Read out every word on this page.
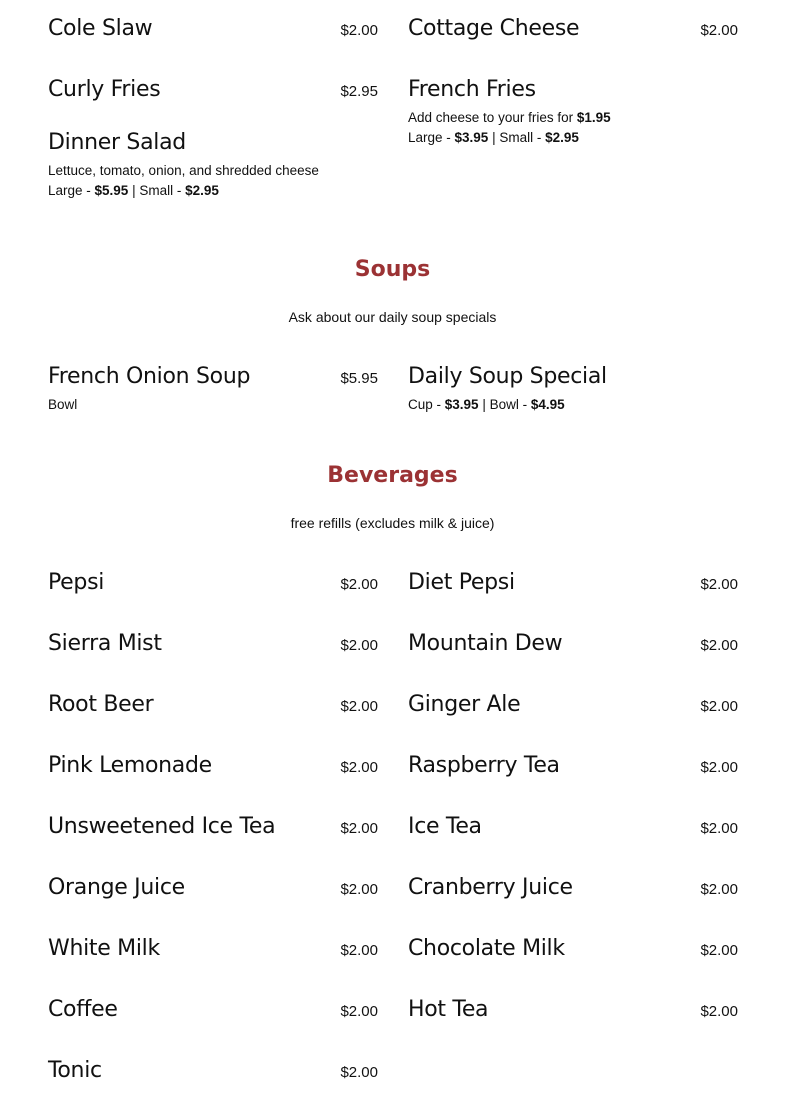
Cole Slaw	$2.00 Cottage Cheese	$2.00
Curly Fries	$2.95
Dinner Salad
Lettuce, tomato, onion, and shredded cheese
Large - $5.95 | Small - $2.95
French Fries
Add cheese to your fries for $1.95
Large - $3.95 | Small - $2.95
Soups
Ask about our daily soup specials
French Onion Soup	$5.95
Bowl
Daily Soup Special
Cup - $3.95 | Bowl - $4.95
Beverages
free refills (excludes milk & juice)
Pepsi	$2.00 Diet Pepsi	$2.00
Sierra Mist	$2.00 Mountain Dew	$2.00
Root Beer	$2.00 Ginger Ale	$2.00
Pink Lemonade	$2.00 Raspberry Tea	$2.00
Unsweetened Ice Tea	$2.00 Ice Tea	$2.00
Orange Juice	$2.00 Cranberry Juice	$2.00
White Milk	$2.00 Chocolate Milk	$2.00
Coffee	$2.00 Hot Tea	$2.00
Tonic	$2.00
